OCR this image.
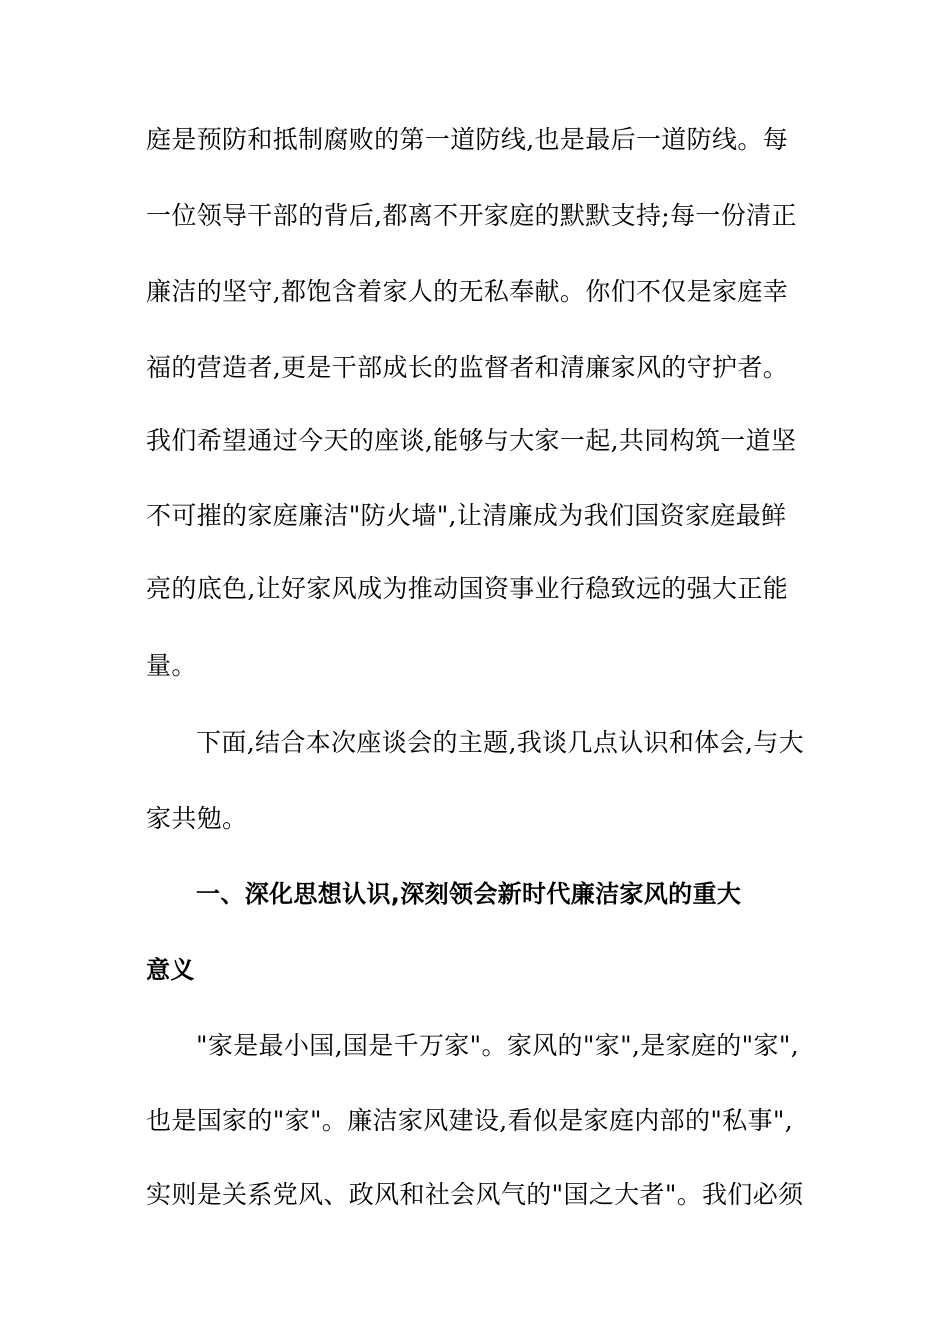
庭是预防和抵制腐败的第一道防线,也是最后一道防线。每
一位领导干部的背后,都离不开家庭的默默支持;每一份清正
廉洁的坚守,都饱含着家人的无私奉献。你们不仅是家庭幸
福的营造者,更是干部成长的监督者和清廉家风的守护者。
我们希望通过今天的座谈,能够与大家一起,共同构筑一道坚
不可摧的家庭廉洁"防火墙",让清廉成为我们国资家庭最鲜
亮的底色,让好家风成为推动国资事业行稳致远的强大正能
量。
下面,结合本次座谈会的主题,我谈几点认识和体会,与大
家共勉。
一、深化思想认识,深刻领会新时代廉洁家风的重大
意义
"家是最小国,国是千万家"。家风的"家",是家庭的"家",
也是国家的"家"。廉洁家风建设,看似是家庭内部的"私事",
实则是关系党风、政风和社会风气的"国之大者"。我们必须
